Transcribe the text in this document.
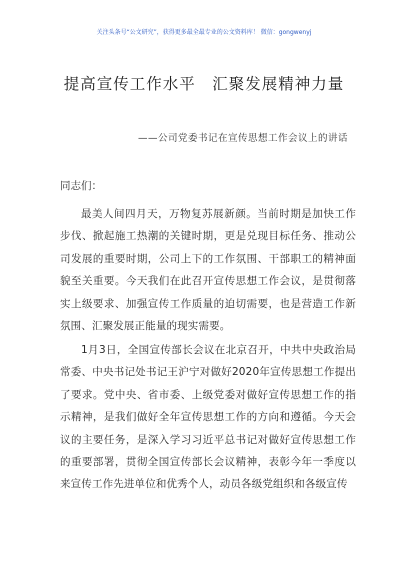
关注头条号“公文研究”，获得更多最全最专业的公文资料库！ 微信：gongwenyj
提高宣传工作水平　汇聚发展精神力量
——公司党委书记在宣传思想工作会议上的讲话
同志们：

最美人间四月天，万物复苏展新颜。当前时期是加快工作步伐、掀起施工热潮的关键时期，更是兑现目标任务、推动公司发展的重要时期，公司上下的工作氛围、干部职工的精神面貌至关重要。今天我们在此召开宣传思想工作会议，是贯彻落实上级要求、加强宣传工作质量的迫切需要，也是营造工作新氛围、汇聚发展正能量的现实需要。

1月3日，全国宣传部长会议在北京召开，中共中央政治局常委、中央书记处书记王沪宁对做好2020年宣传思想工作提出了要求。党中央、省市委、上级党委对做好宣传思想工作的指示精神，是我们做好全年宣传思想工作的方向和遵循。今天会议的主要任务，是深入学习习近平总书记对做好宣传思想工作的重要部署，贯彻全国宣传部长会议精神，表彰今年一季度以来宣传工作先进单位和优秀个人，动员各级党组织和各级宣传
